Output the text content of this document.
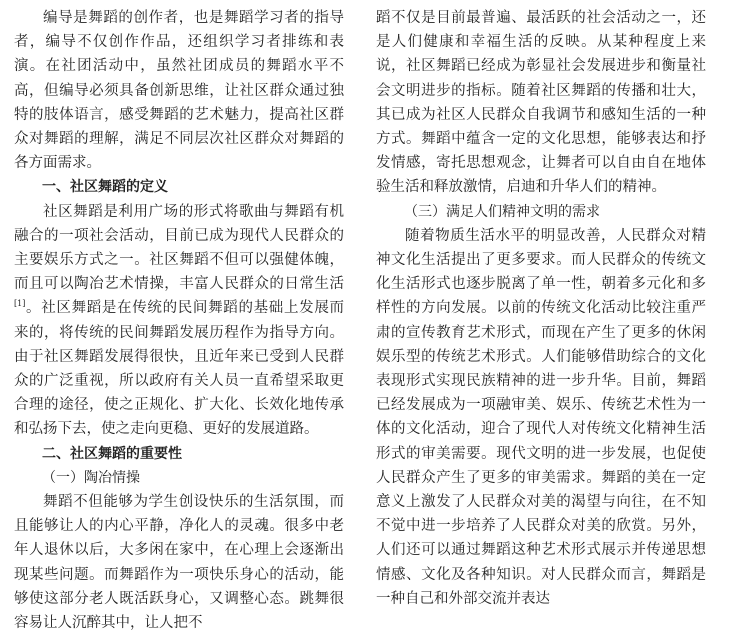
编导是舞蹈的创作者，也是舞蹈学习者的指导者，编导不仅创作作品，还组织学习者排练和表演。在社团活动中，虽然社团成员的舞蹈水平不高，但编导必须具备创新思维，让社区群众通过独特的肢体语言，感受舞蹈的艺术魅力，提高社区群众对舞蹈的理解，满足不同层次社区群众对舞蹈的各方面需求。

一、社区舞蹈的定义

社区舞蹈是利用广场的形式将歌曲与舞蹈有机融合的一项社会活动，目前已成为现代人民群众的主要娱乐方式之一。社区舞蹈不但可以强健体魄，而且可以陶冶艺术情操，丰富人民群众的日常生活[1]。社区舞蹈是在传统的民间舞蹈的基础上发展而来的，将传统的民间舞蹈发展历程作为指导方向。由于社区舞蹈发展得很快，且近年来已受到人民群众的广泛重视，所以政府有关人员一直希望采取更合理的途径，使之正规化、扩大化、长效化地传承和弘扬下去，使之走向更稳、更好的发展道路。

二、社区舞蹈的重要性

（一）陶冶情操

舞蹈不但能够为学生创设快乐的生活氛围，而且能够让人的内心平静，净化人的灵魂。很多中老年人退休以后，大多闲在家中，在心理上会逐渐出现某些问题。而舞蹈作为一项快乐身心的活动，能够使这部分老人既活跃身心，又调整心态。跳舞很容易让人沉醉其中，让人把不

蹈不仅是目前最普遍、最活跃的社会活动之一，还是人们健康和幸福生活的反映。从某种程度上来说，社区舞蹈已经成为彰显社会发展进步和衡量社会文明进步的指标。随着社区舞蹈的传播和壮大，其已成为社区人民群众自我调节和感知生活的一种方式。舞蹈中蕴含一定的文化思想，能够表达和抒发情感，寄托思想观念，让舞者可以自由自在地体验生活和释放激情，启迪和升华人们的精神。

（三）满足人们精神文明的需求

随着物质生活水平的明显改善，人民群众对精神文化生活提出了更多要求。而人民群众的传统文化生活形式也逐步脱离了单一性，朝着多元化和多样性的方向发展。以前的传统文化活动比较注重严肃的宣传教育艺术形式，而现在产生了更多的休闲娱乐型的传统艺术形式。人们能够借助综合的文化表现形式实现民族精神的进一步升华。目前，舞蹈已经发展成为一项融审美、娱乐、传统艺术性为一体的文化活动，迎合了现代人对传统文化精神生活形式的审美需要。现代文明的进一步发展，也促使人民群众产生了更多的审美需求。舞蹈的美在一定意义上激发了人民群众对美的渴望与向往，在不知不觉中进一步培养了人民群众对美的欣赏。另外，人们还可以通过舞蹈这种艺术形式展示并传递思想情感、文化及各种知识。对人民群众而言，舞蹈是一种自己和外部交流并表达
